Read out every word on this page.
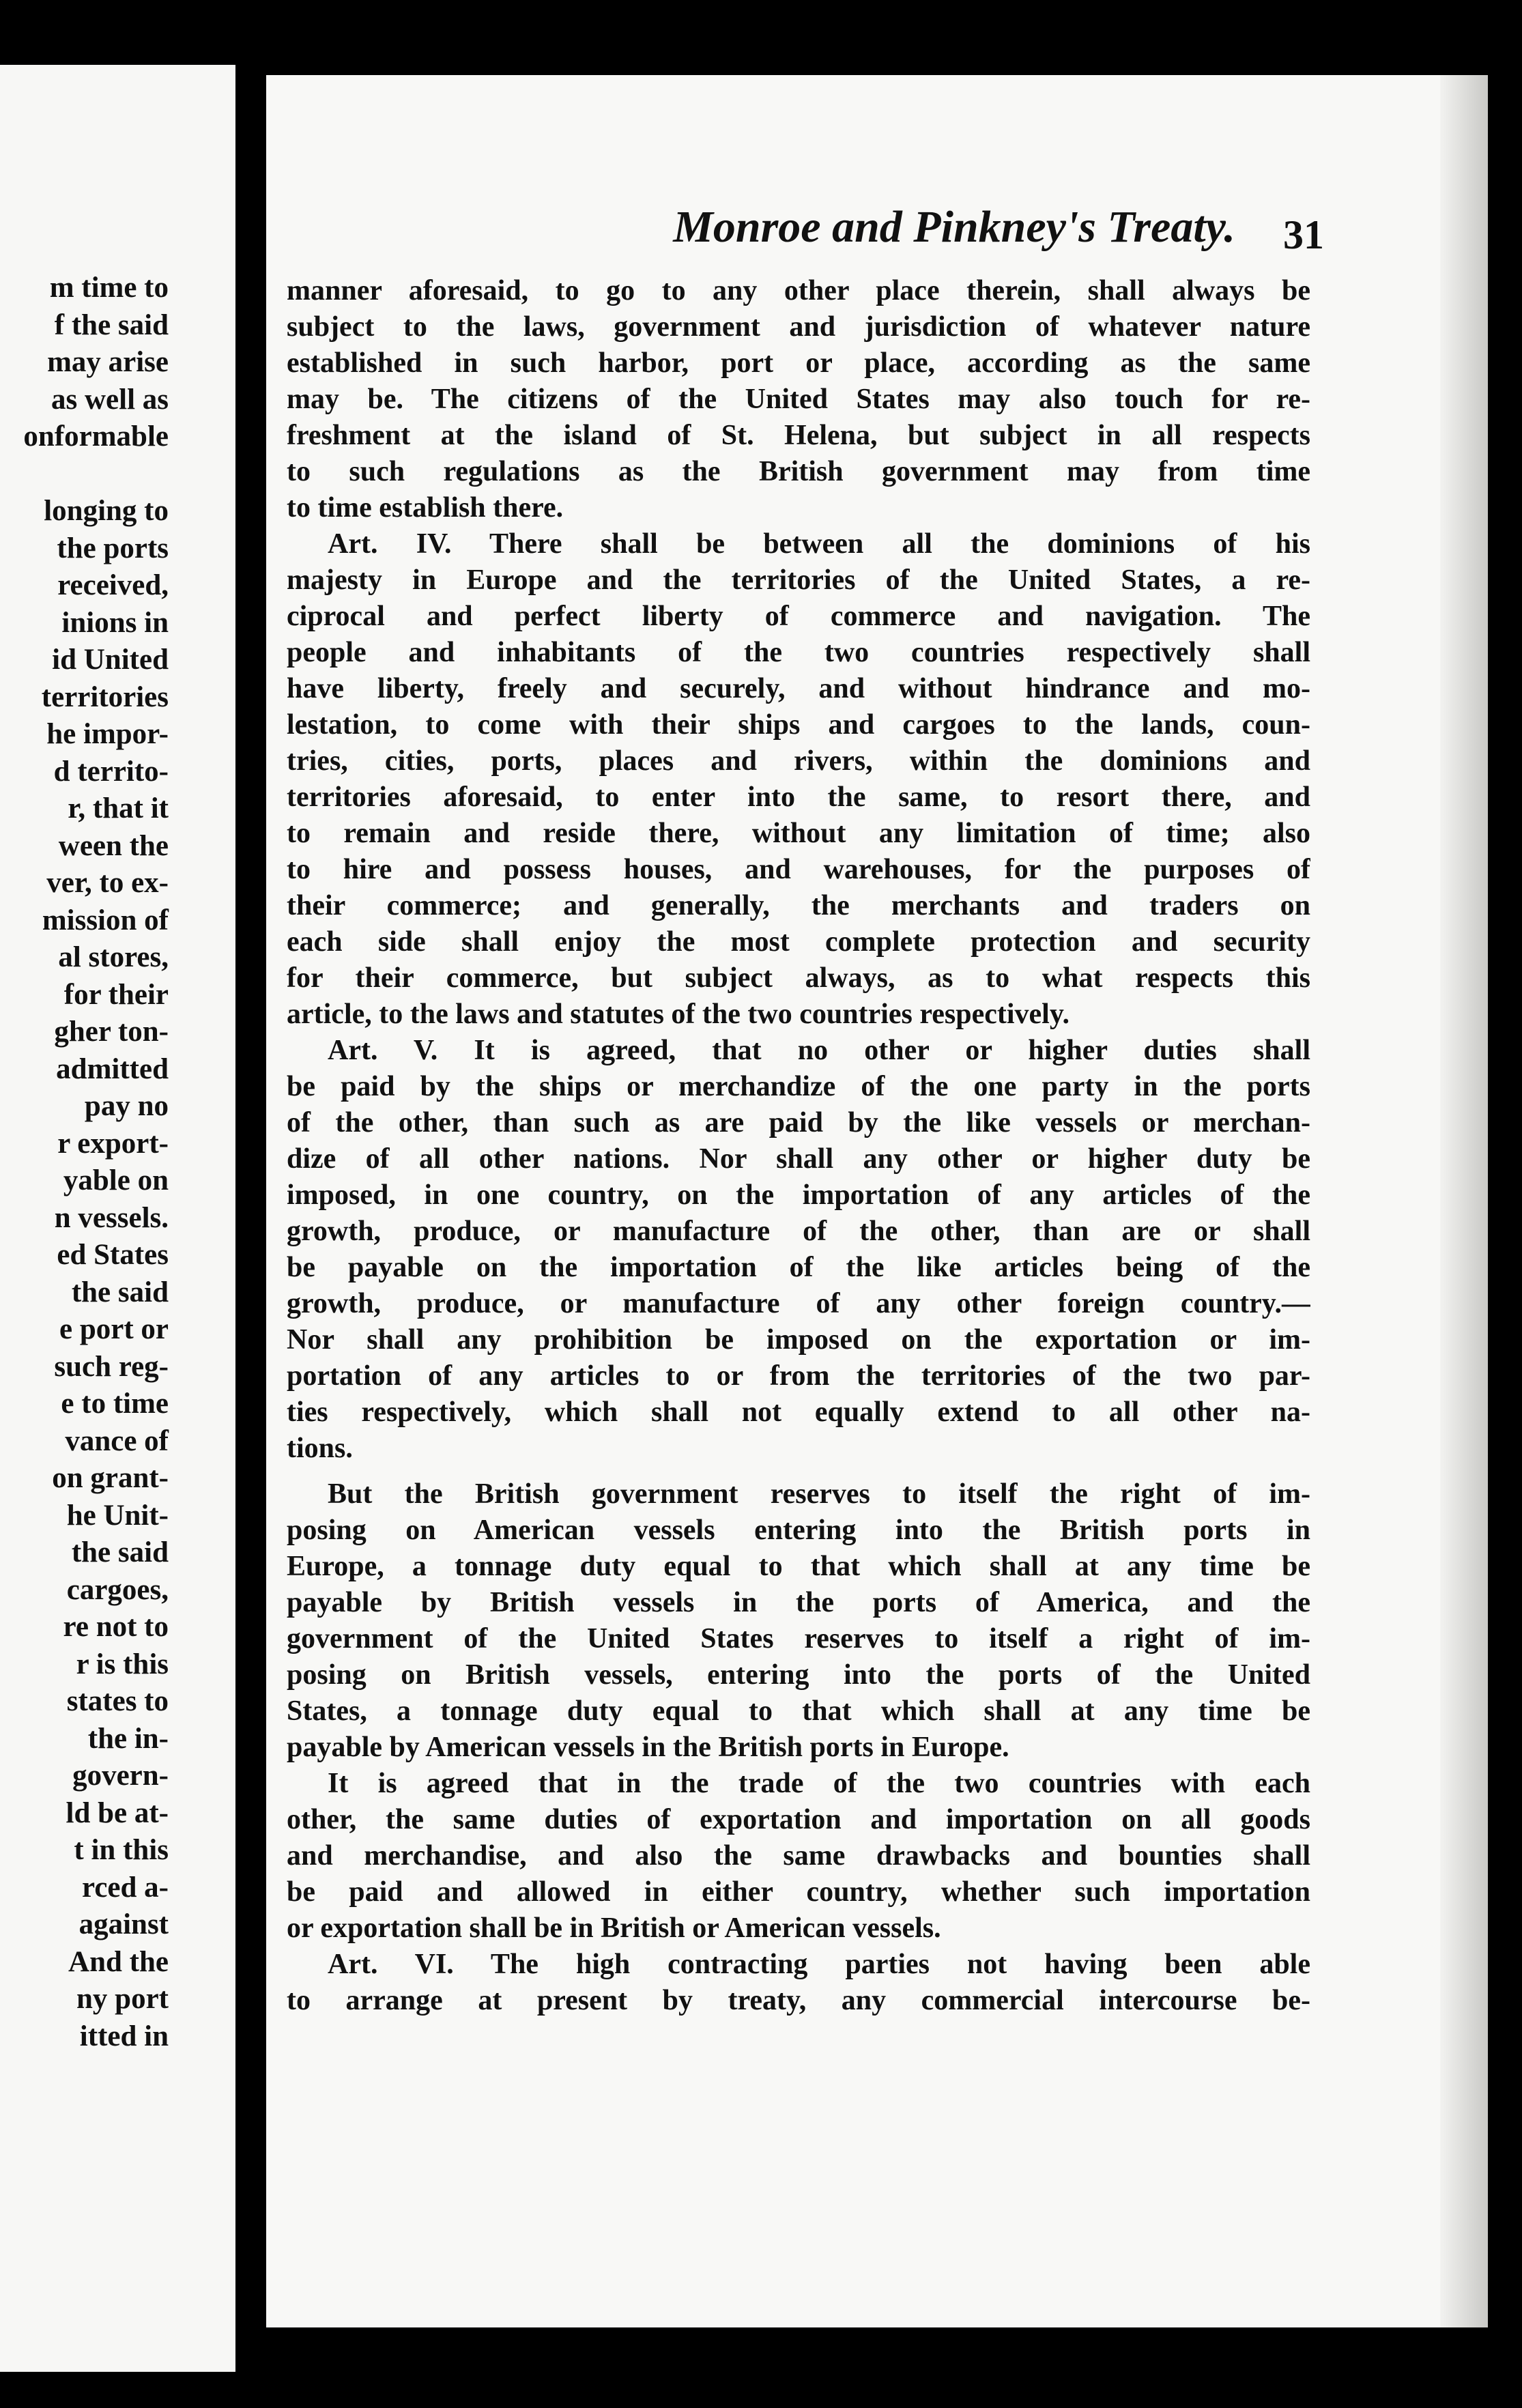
m time to
f the said
may arise
as well as
onformable
longing to
the ports
received,
inions in
id United
territories
he impor-
d territo-
r, that it
ween the
ver, to ex-
mission of
al stores,
for their
gher ton-
admitted
pay no
r export-
yable on
n vessels.
ed States
the said
e port or
such reg-
e to time
vance of
on grant-
he Unit-
the said
cargoes,
re not to
r is this
states to
the in-
govern-
ld be at-
t in this
rced a-
against
And the
ny port
itted in
Monroe and Pinkney's Treaty. 31
manner aforesaid, to go to any other place therein, shall always be
subject to the laws, government and jurisdiction of whatever nature
established in such harbor, port or place, according as the same
may be. The citizens of the United States may also touch for re-
freshment at the island of St. Helena, but subject in all respects
to such regulations as the British government may from time
to time establish there.
Art. IV. There shall be between all the dominions of his
majesty in Europe and the territories of the United States, a re-
ciprocal and perfect liberty of commerce and navigation. The
people and inhabitants of the two countries respectively shall
have liberty, freely and securely, and without hindrance and mo-
lestation, to come with their ships and cargoes to the lands, coun-
tries, cities, ports, places and rivers, within the dominions and
territories aforesaid, to enter into the same, to resort there, and
to remain and reside there, without any limitation of time; also
to hire and possess houses, and warehouses, for the purposes of
their commerce; and generally, the merchants and traders on
each side shall enjoy the most complete protection and security
for their commerce, but subject always, as to what respects this
article, to the laws and statutes of the two countries respectively.
Art. V. It is agreed, that no other or higher duties shall
be paid by the ships or merchandize of the one party in the ports
of the other, than such as are paid by the like vessels or merchan-
dize of all other nations. Nor shall any other or higher duty be
imposed, in one country, on the importation of any articles of the
growth, produce, or manufacture of the other, than are or shall
be payable on the importation of the like articles being of the
growth, produce, or manufacture of any other foreign country.—
Nor shall any prohibition be imposed on the exportation or im-
portation of any articles to or from the territories of the two par-
ties respectively, which shall not equally extend to all other na-
tions.
But the British government reserves to itself the right of im-
posing on American vessels entering into the British ports in
Europe, a tonnage duty equal to that which shall at any time be
payable by British vessels in the ports of America, and the
government of the United States reserves to itself a right of im-
posing on British vessels, entering into the ports of the United
States, a tonnage duty equal to that which shall at any time be
payable by American vessels in the British ports in Europe.
It is agreed that in the trade of the two countries with each
other, the same duties of exportation and importation on all goods
and merchandise, and also the same drawbacks and bounties shall
be paid and allowed in either country, whether such importation
or exportation shall be in British or American vessels.
Art. VI. The high contracting parties not having been able
to arrange at present by treaty, any commercial intercourse be-
